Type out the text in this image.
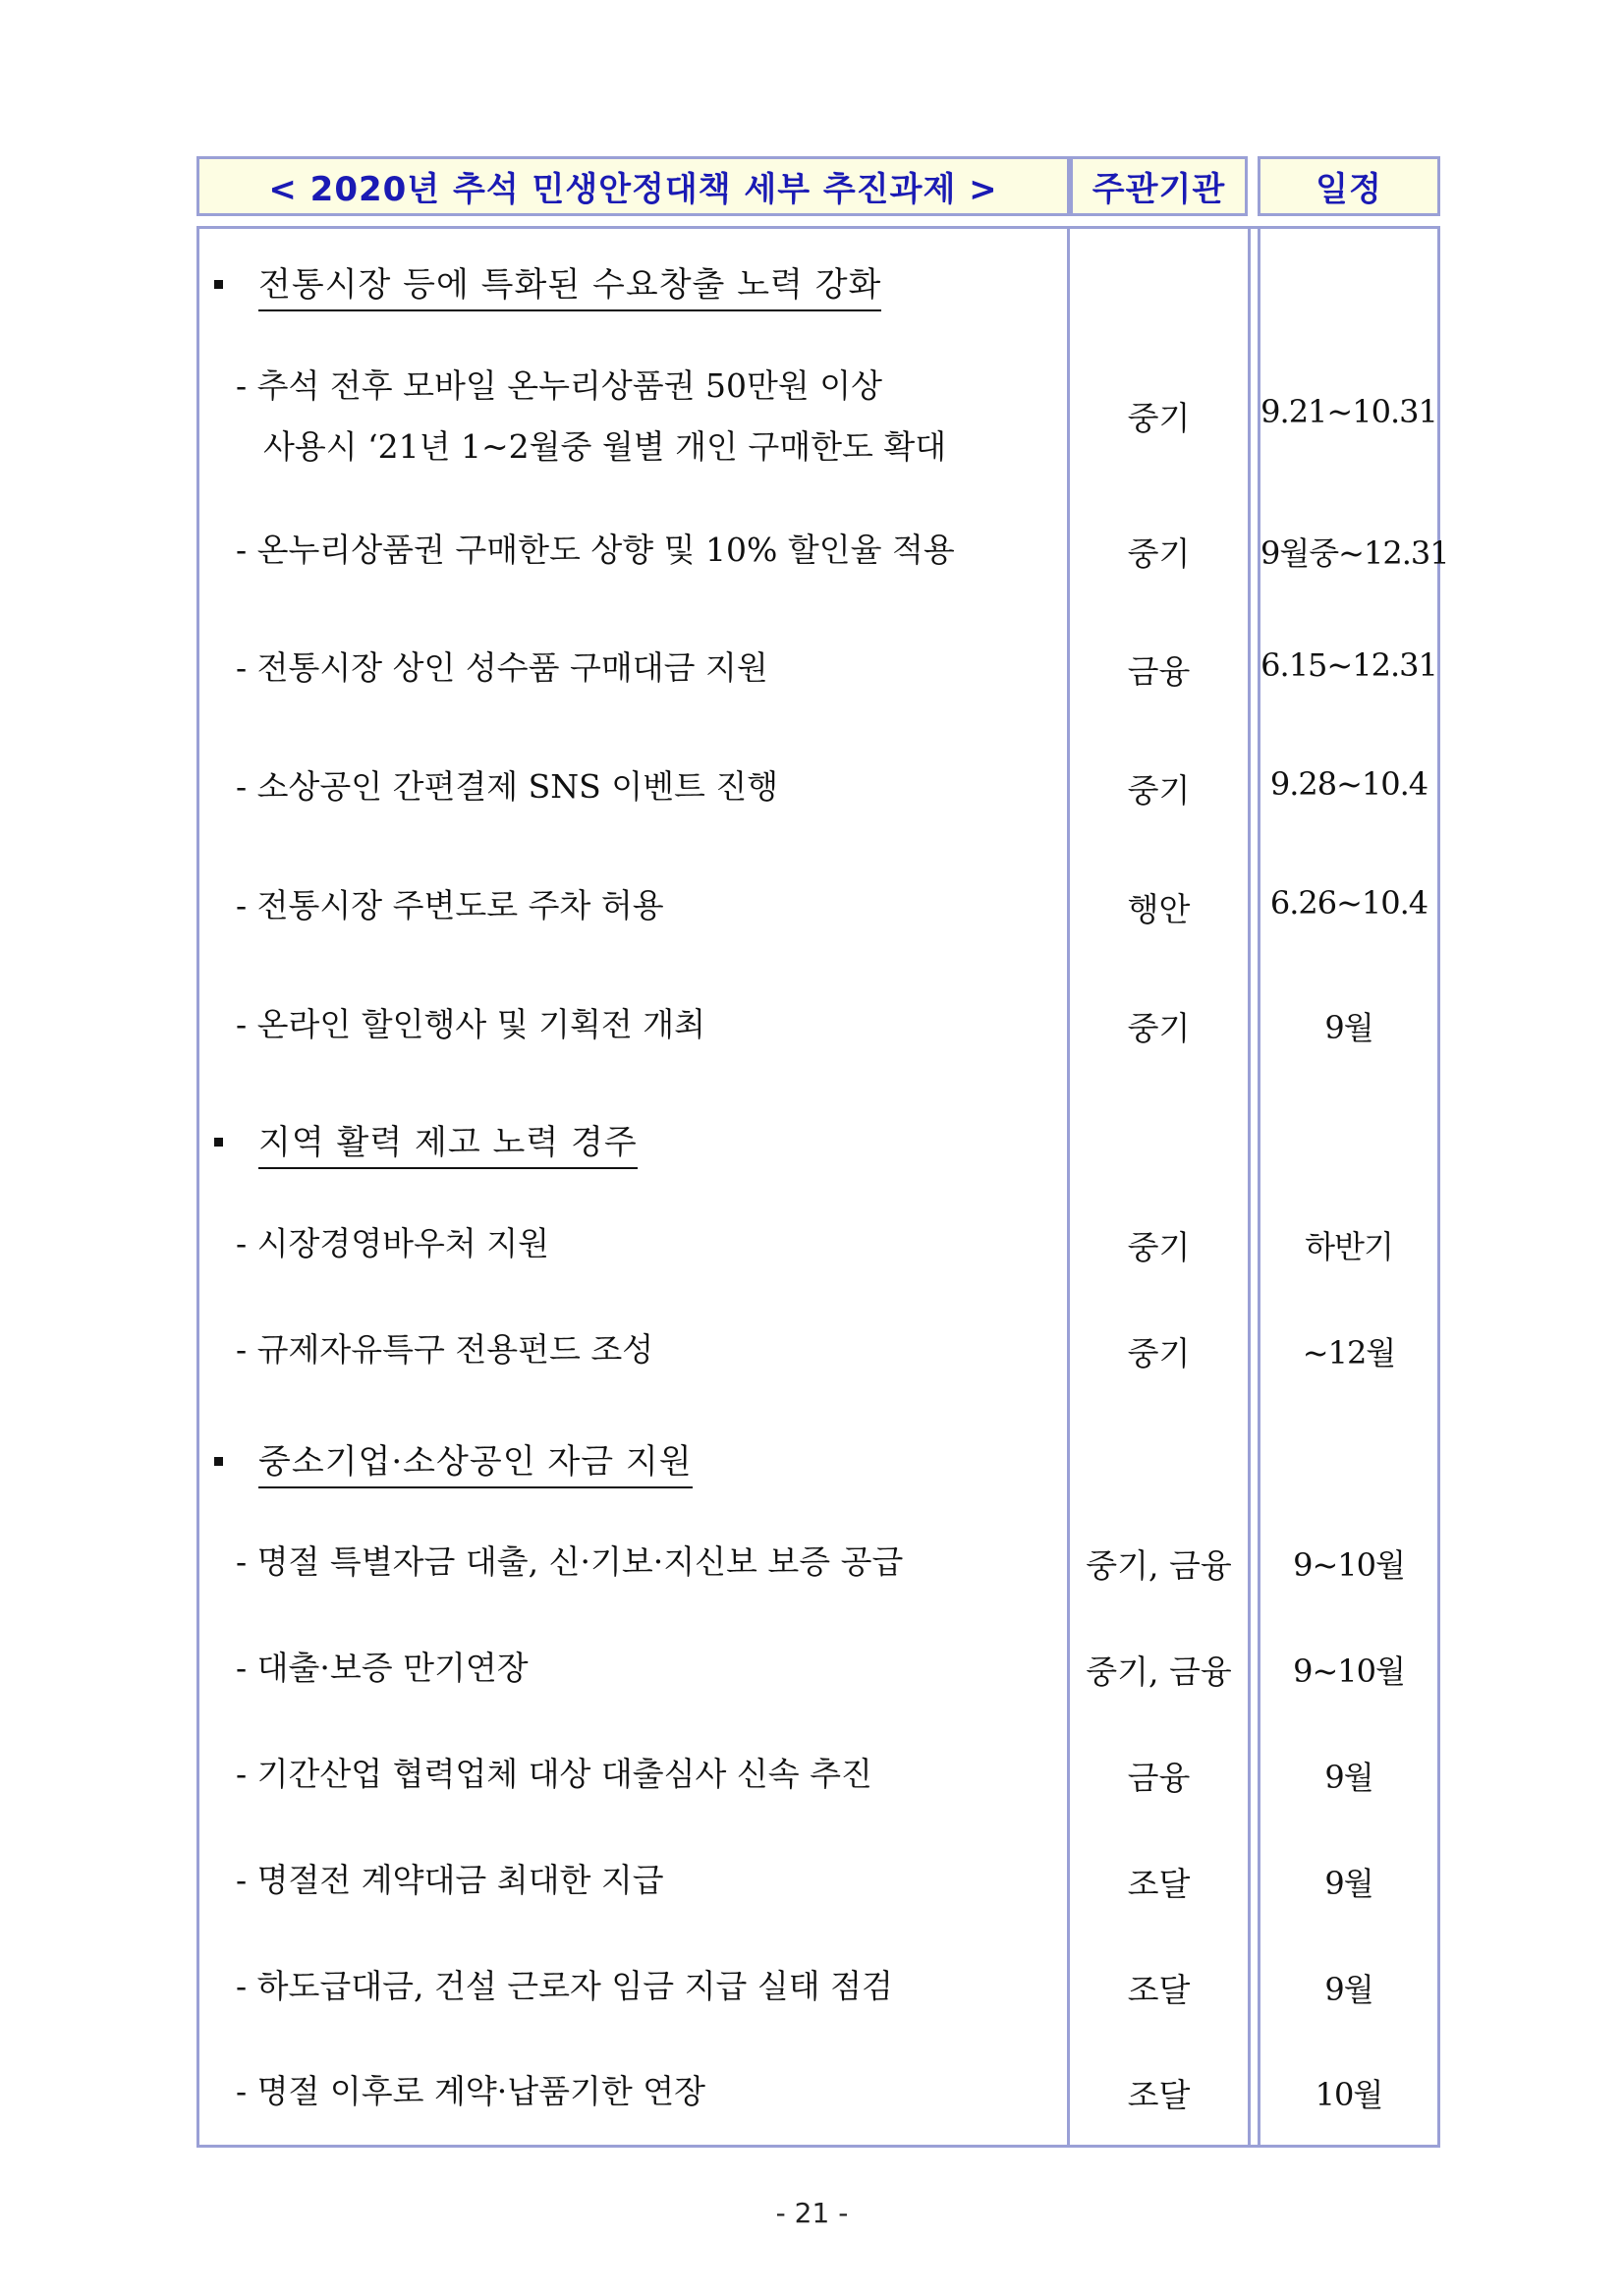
< 2020년 추석 민생안정대책 세부 추진과제 >	주관기관	일정
전통시장 등에 특화된 수요창출 노력 강화
- 추석 전후 모바일 온누리상품권 50만원 이상
사용시 ‘21년 1~2월중 월별 개인 구매한도 확대
중기	9.21~10.31
- 온누리상품권 구매한도 상향 및 10% 할인율 적용	중기	9월중~12.31
- 전통시장 상인 성수품 구매대금 지원	금융	6.15~12.31
- 소상공인 간편결제 SNS 이벤트 진행	중기	9.28~10.4
- 전통시장 주변도로 주차 허용	행안	6.26~10.4
- 온라인 할인행사 및 기획전 개최	중기	9월
지역 활력 제고 노력 경주
- 시장경영바우처 지원	중기	하반기
- 규제자유특구 전용펀드 조성	중기	~12월
중소기업·소상공인 자금 지원
- 명절 특별자금 대출, 신·기보·지신보 보증 공급	중기, 금융	9~10월
- 대출·보증 만기연장	중기, 금융	9~10월
- 기간산업 협력업체 대상 대출심사 신속 추진	금융	9월
- 명절전 계약대금 최대한 지급	조달	9월
- 하도급대금, 건설 근로자 임금 지급 실태 점검	조달	9월
- 명절 이후로 계약·납품기한 연장	조달	10월
- 21 -
